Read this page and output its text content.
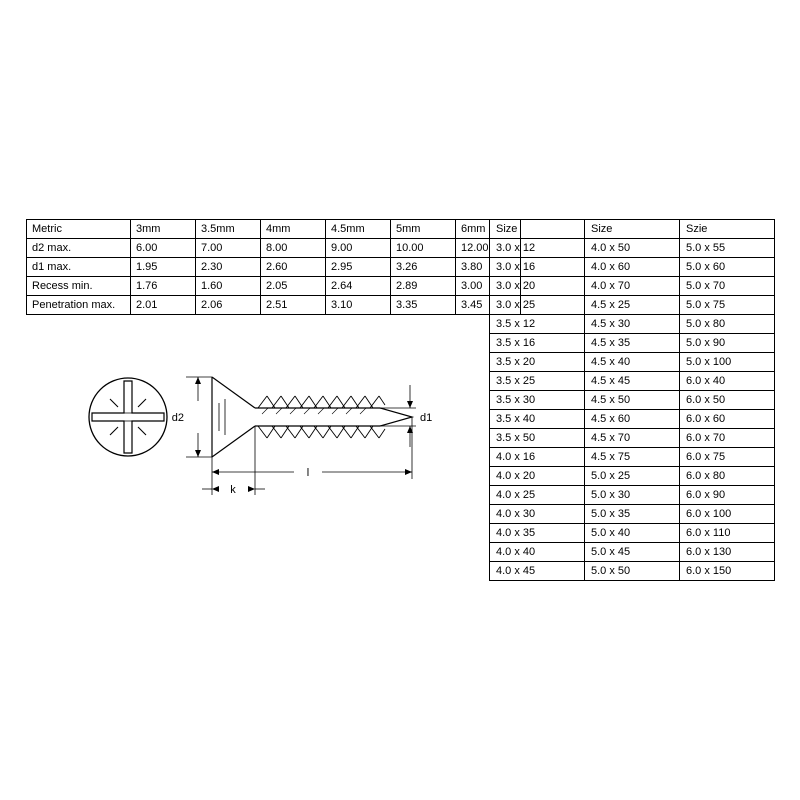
Metric	3mm	3.5mm	4mm	4.5mm	5mm	6mm
d2 max.	6.00	7.00	8.00	9.00	10.00	12.00
d1 max.	1.95	2.30	2.60	2.95	3.26	3.80
Recess min.	1.76	1.60	2.05	2.64	2.89	3.00
Penetration max.	2.01	2.06	2.51	3.10	3.35	3.45
Size	Size	Szie
3.0 x 12	4.0 x 50	5.0 x 55
3.0 x 16	4.0 x 60	5.0 x 60
3.0 x 20	4.0 x 70	5.0 x 70
3.0 x 25	4.5 x 25	5.0 x 75
3.5 x 12	4.5 x 30	5.0 x 80
3.5 x 16	4.5 x 35	5.0 x 90
3.5 x 20	4.5 x 40	5.0 x 100
3.5 x 25	4.5 x 45	6.0 x 40
3.5 x 30	4.5 x 50	6.0 x 50
3.5 x 40	4.5 x 60	6.0 x 60
3.5 x 50	4.5 x 70	6.0 x 70
4.0 x 16	4.5 x 75	6.0 x 75
4.0 x 20	5.0 x 25	6.0 x 80
4.0 x 25	5.0 x 30	6.0 x 90
4.0 x 30	5.0 x 35	6.0 x 100
4.0 x 35	5.0 x 40	6.0 x 110
4.0 x 40	5.0 x 45	6.0 x 130
4.0 x 45	5.0 x 50	6.0 x 150
d2	d1
l
k
